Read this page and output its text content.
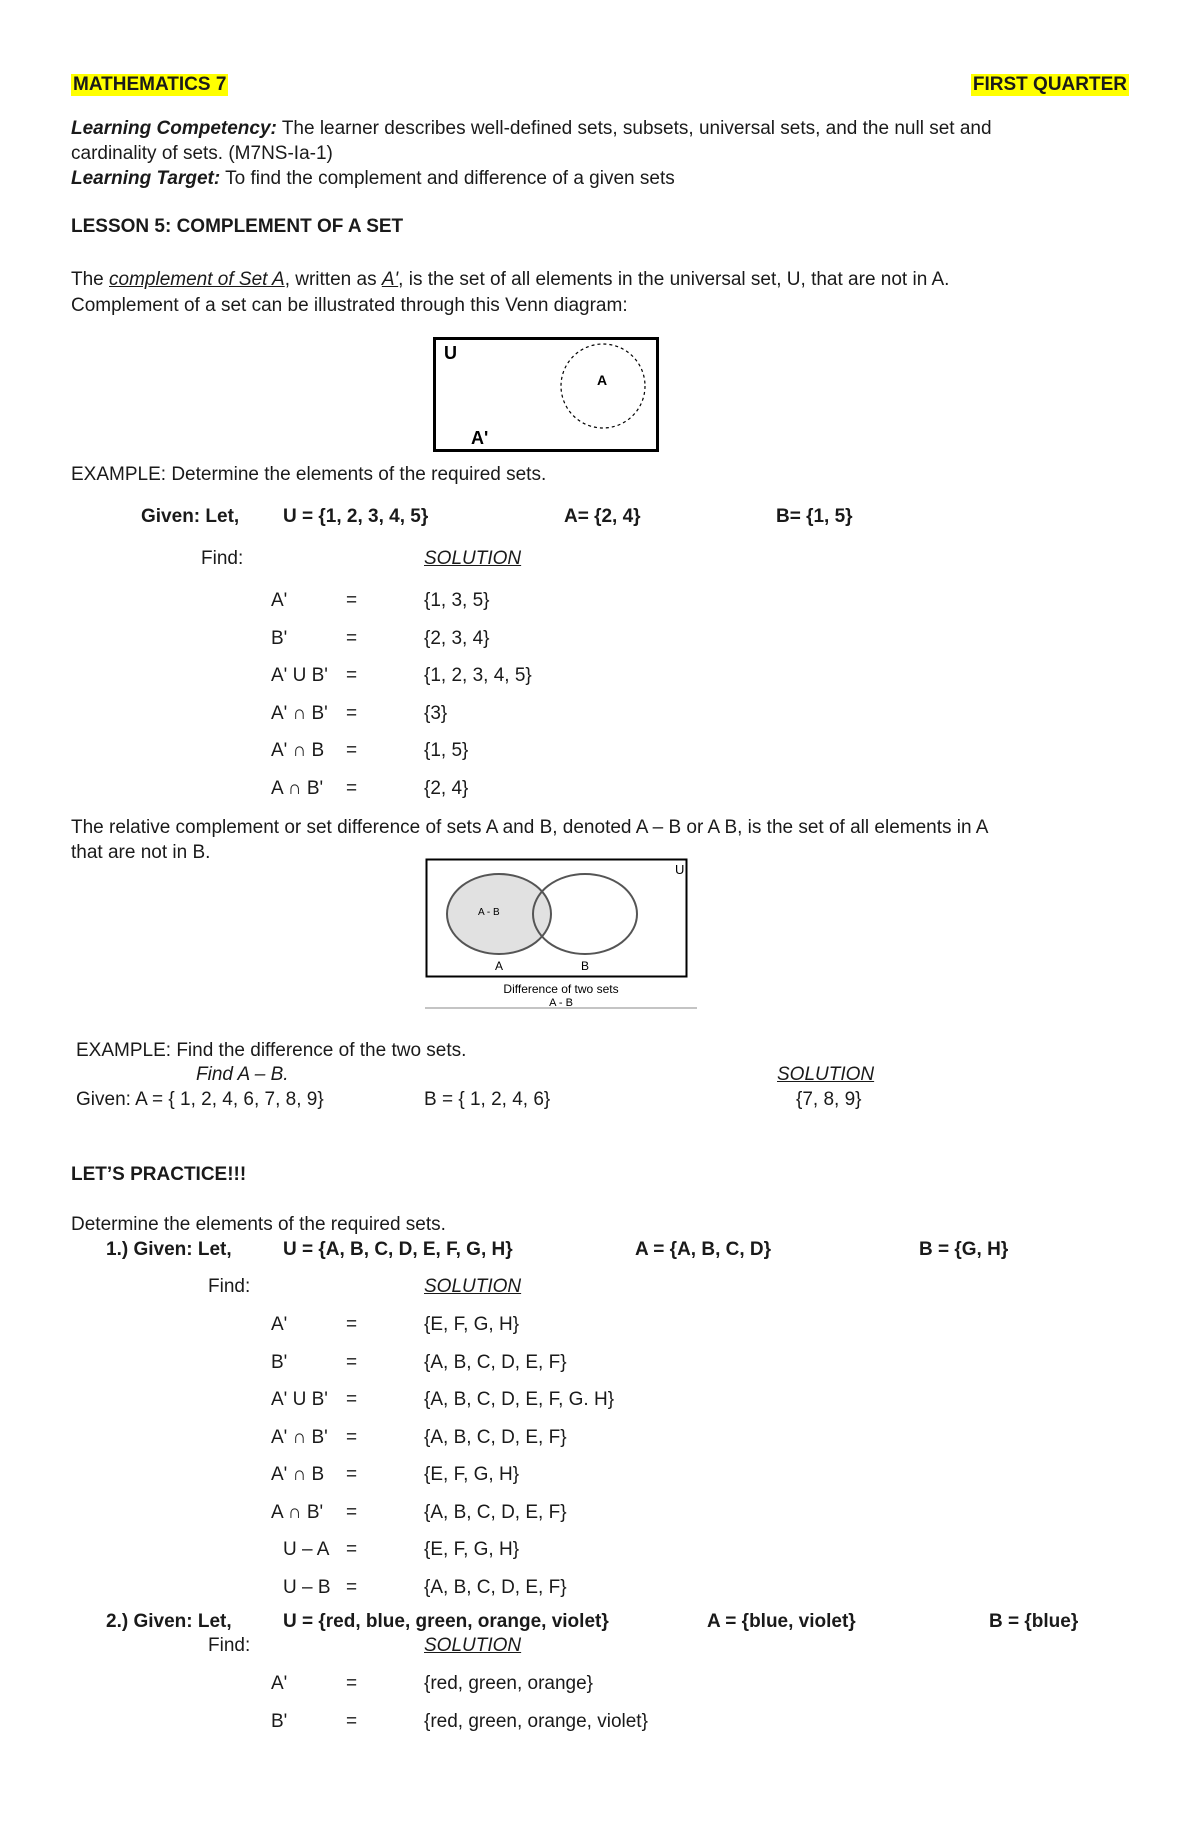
MATHEMATICS 7	FIRST QUARTER
Learning Competency: The learner describes well-defined sets, subsets, universal sets, and the null set and
cardinality of sets. (M7NS-Ia-1)
Learning Target: To find the complement and difference of a given sets
LESSON 5: COMPLEMENT OF A SET
The complement of Set A, written as A', is the set of all elements in the universal set, U, that are not in A.
Complement of a set can be illustrated through this Venn diagram:
U
A
A'
EXAMPLE: Determine the elements of the required sets.
Given: Let, U = {1, 2, 3, 4, 5}	A= {2, 4}	B= {1, 5}
Find:	SOLUTION
A'	=	{1, 3, 5}
B'	=	{2, 3, 4}
A' U B' =	{1, 2, 3, 4, 5}
A' ∩ B' =	{3}
A' ∩ B =	{1, 5}
A ∩ B' =	{2, 4}
The relative complement or set difference of sets A and B, denoted A – B or A B, is the set of all elements in A
that are not in B.
U
A - B
A	B
Difference of two sets
A - B
EXAMPLE: Find the difference of the two sets.
Find A – B.	SOLUTION
Given: A = { 1, 2, 4, 6, 7, 8, 9}	B = { 1, 2, 4, 6}	{7, 8, 9}
LET’S PRACTICE!!!
Determine the elements of the required sets.
1.) Given: Let,	U = {A, B, C, D, E, F, G, H}	A = {A, B, C, D}	B = {G, H}
Find:	SOLUTION
A'	=	{E, F, G, H}
B'	=	{A, B, C, D, E, F}
A' U B' =	{A, B, C, D, E, F, G. H}
A' ∩ B' =	{A, B, C, D, E, F}
A' ∩ B =	{E, F, G, H}
A ∩ B' =	{A, B, C, D, E, F}
U – A =	{E, F, G, H}
U – B =	{A, B, C, D, E, F}
2.) Given: Let,	U = {red, blue, green, orange, violet}	A = {blue, violet}	B = {blue}
Find:	SOLUTION
A'	=	{red, green, orange}
B'	=	{red, green, orange, violet}
